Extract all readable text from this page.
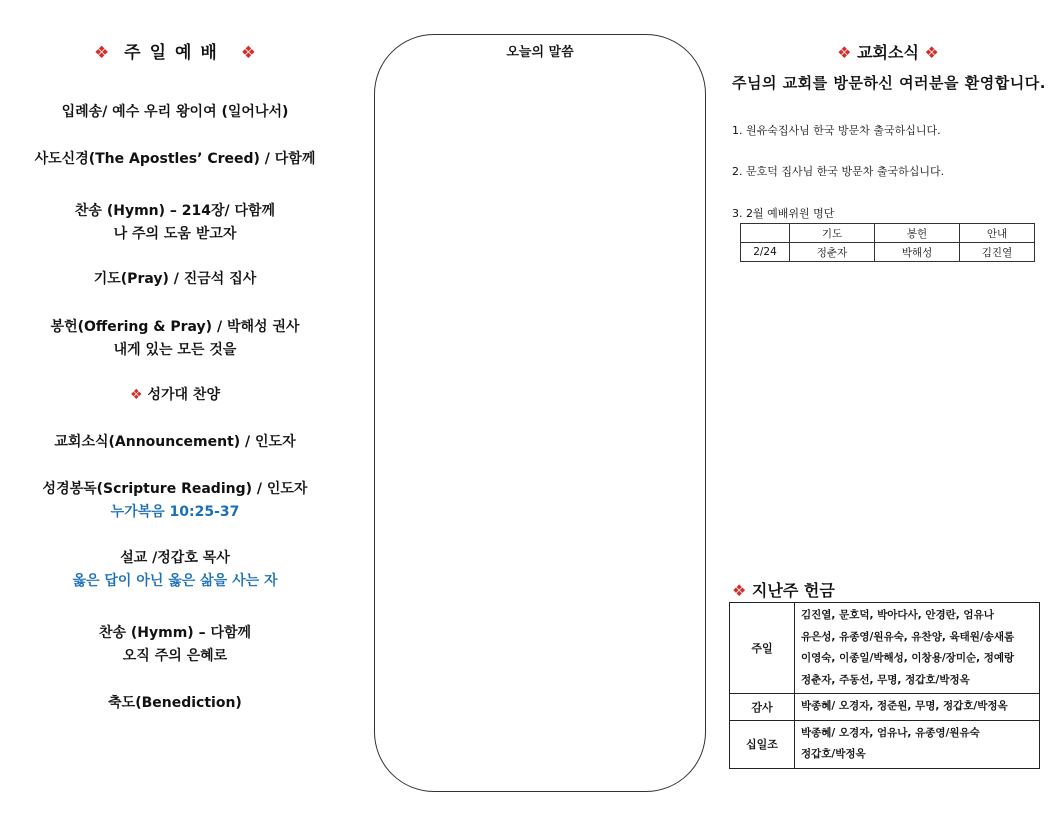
❖ 주일예배 ❖
입례송/ 예수 우리 왕이여 (일어나서)
사도신경(The Apostles’ Creed) / 다함께
찬송 (Hymn) – 214장/ 다함께
나 주의 도움 받고자
기도(Pray) / 진금석 집사
봉헌(Offering & Pray) / 박해성 권사
내게 있는 모든 것을
❖ 성가대 찬양
교회소식(Announcement) / 인도자
성경봉독(Scripture Reading) / 인도자
누가복음 10:25-37
설교 /정갑호 목사
옳은 답이 아닌 옳은 삶을 사는 자
찬송 (Hymm) – 다함께
오직 주의 은혜로
축도(Benediction)
오늘의 말씀	❖ 교회소식 ❖
주님의 교회를 방문하신 여러분을 환영합니다.
1. 원유숙집사님 한국 방문차 출국하십니다.
2. 문호덕 집사님 한국 방문차 출국하십니다.
3. 2월 예배위원 명단
	기도	봉헌	안내
2/24	정춘자	박해성	김진열
❖ 지난주 헌금
주일	김진열, 문호덕, 박아다사, 안경란, 엄유나
유은성, 유종영/원유숙, 유찬양, 육태원/송새롬
이영숙, 이종일/박해성, 이창용/장미순, 정예랑
정춘자, 주동선, 무명, 정갑호/박정옥

감사	박종혜/ 오경자, 정준원, 무명, 정갑호/박정옥

십일조	박종혜/ 오경자, 엄유나, 유종영/원유숙
정갑호/박정옥
